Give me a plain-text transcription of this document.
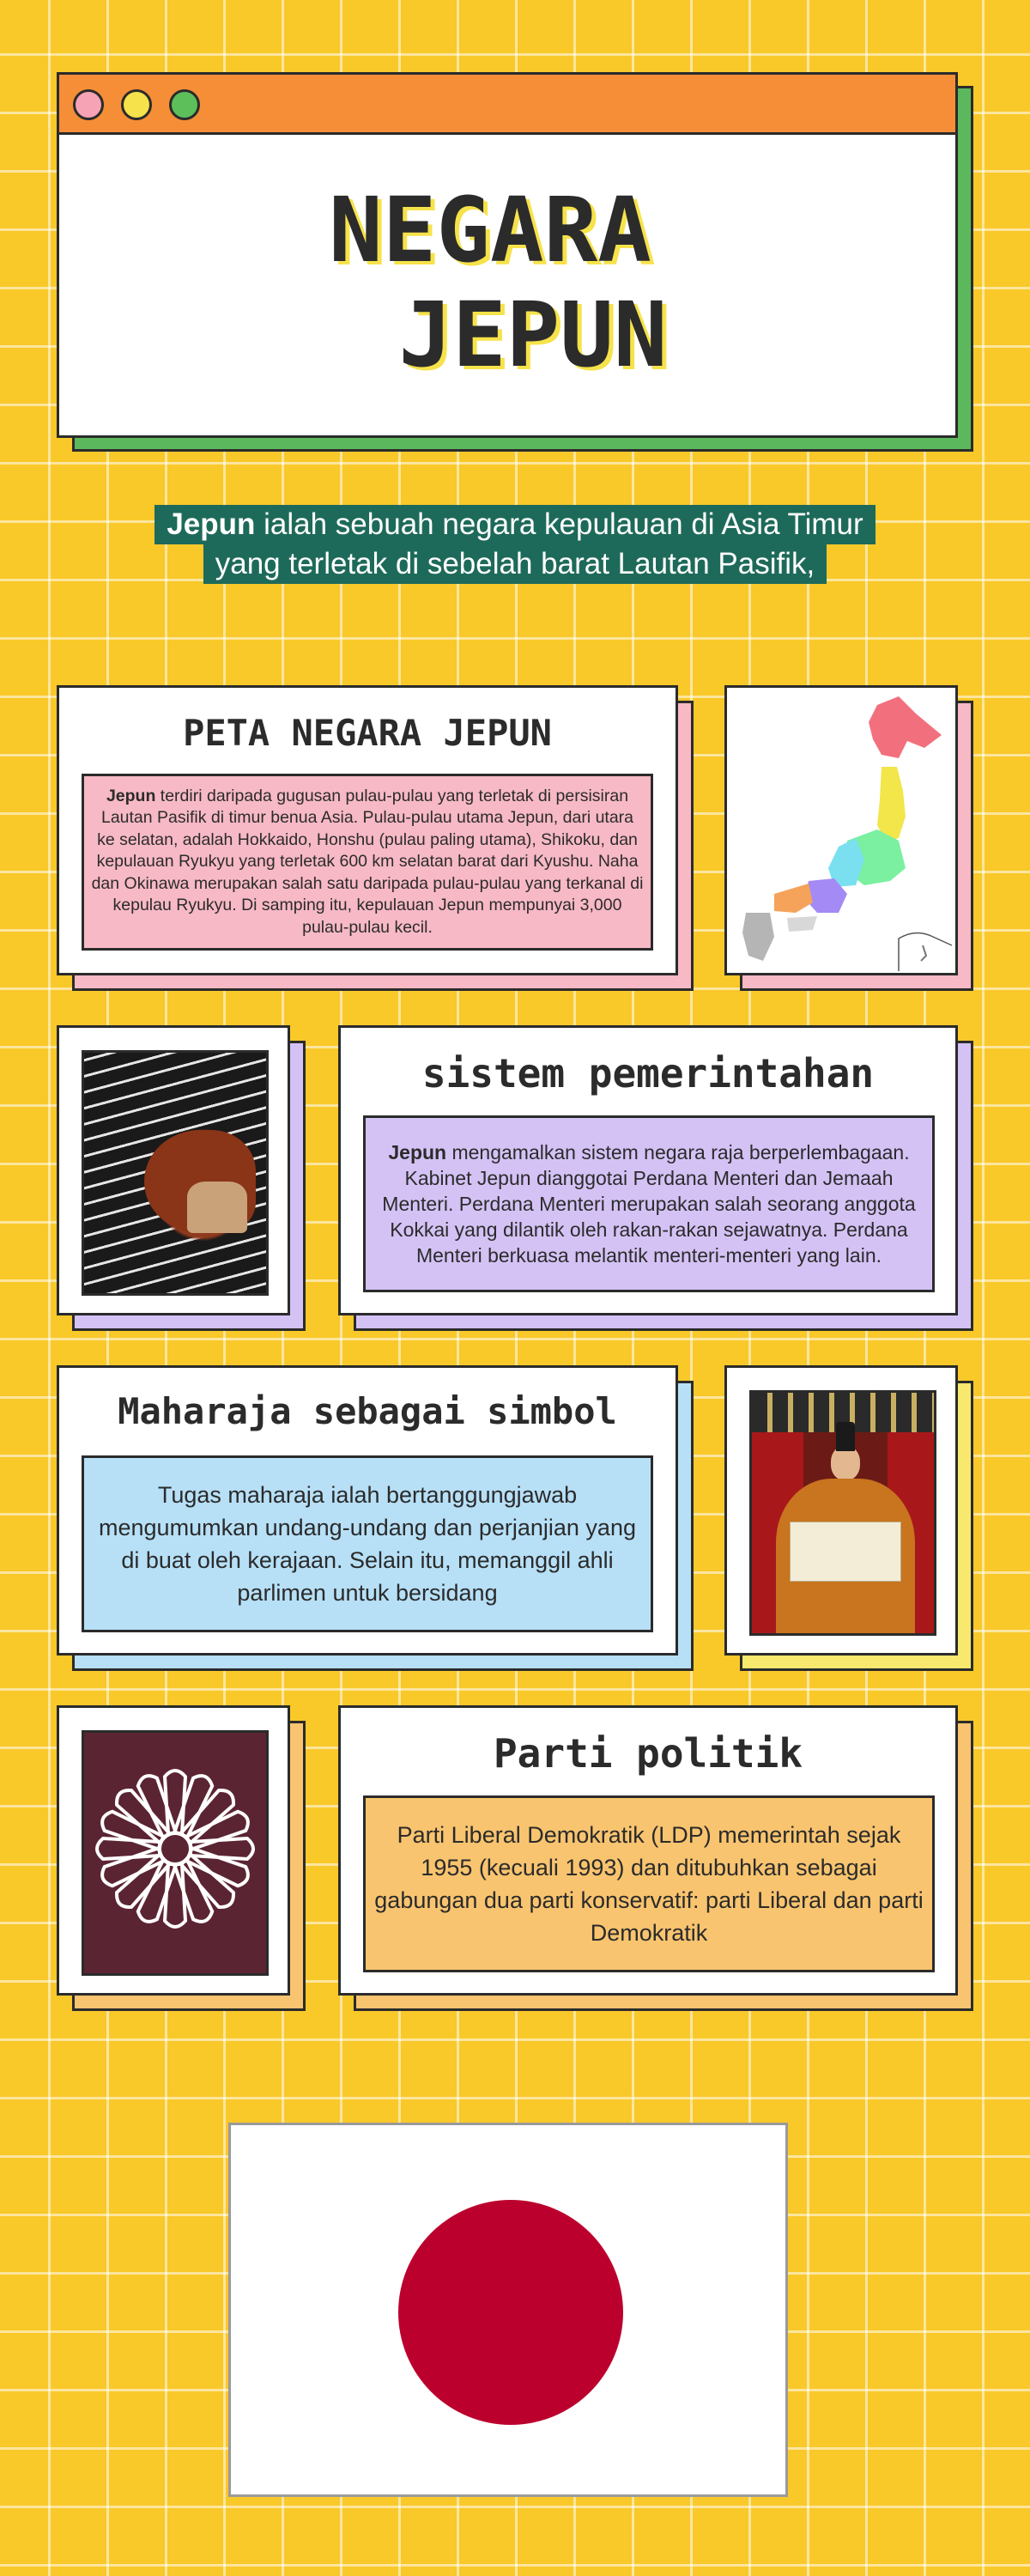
NEGARA
JEPUN
Jepun ialah sebuah negara kepulauan di Asia Timur
yang terletak di sebelah barat Lautan Pasifik,
PETA NEGARA JEPUN
Jepun terdiri daripada gugusan pulau-pulau yang terletak di persisiran Lautan Pasifik di timur benua Asia. Pulau-pulau utama Jepun, dari utara ke selatan, adalah Hokkaido, Honshu (pulau paling utama), Shikoku, dan kepulauan Ryukyu yang terletak 600 km selatan barat dari Kyushu. Naha dan Okinawa merupakan salah satu daripada pulau-pulau yang terkanal di kepulau Ryukyu. Di samping itu, kepulauan Jepun mempunyai 3,000 pulau-pulau kecil.
sistem pemerintahan
Jepun mengamalkan sistem negara raja berperlembagaan. Kabinet Jepun dianggotai Perdana Menteri dan Jemaah Menteri. Perdana Menteri merupakan salah seorang anggota Kokkai yang dilantik oleh rakan-rakan sejawatnya. Perdana Menteri berkuasa melantik menteri-menteri yang lain.
Maharaja sebagai simbol
Tugas maharaja ialah bertanggungjawab mengumumkan undang-undang dan perjanjian yang di buat oleh kerajaan. Selain itu, memanggil ahli parlimen untuk bersidang
Parti politik
Parti Liberal Demokratik (LDP) memerintah sejak 1955 (kecuali 1993) dan ditubuhkan sebagai gabungan dua parti konservatif: parti Liberal dan parti Demokratik
